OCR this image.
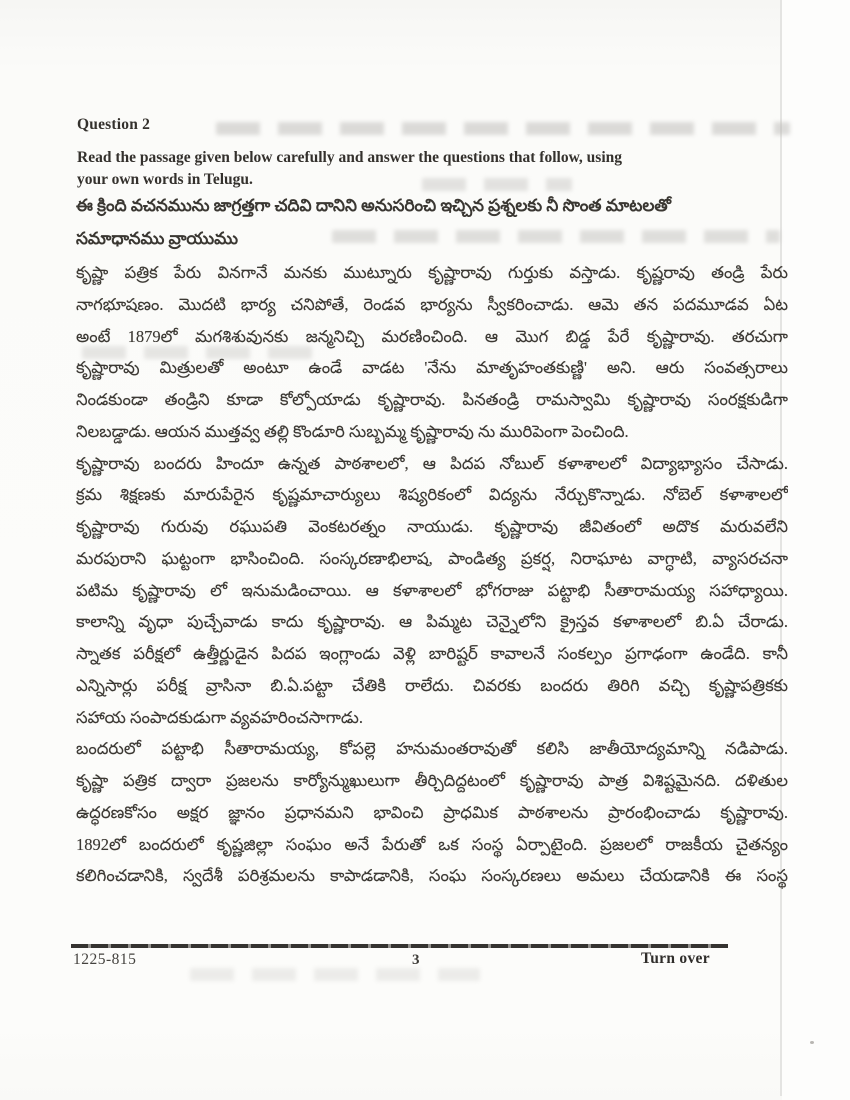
Question 2
Read the passage given below carefully and answer the questions that follow, using
your own words in Telugu.
ఈ క్రింది వచనమును జాగ్రత్తగా చదివి దానిని అనుసరించి ఇచ్చిన ప్రశ్నలకు నీ సొంత మాటలతో
సమాధానము వ్రాయుము
కృష్ణా పత్రిక పేరు వినగానే మనకు ముట్నూరు కృష్ణారావు గుర్తుకు వస్తాడు. కృష్ణరావు తండ్రి పేరు
నాగభూషణం. మొదటి భార్య చనిపోతే, రెండవ భార్యను స్వీకరించాడు. ఆమె తన పదమూడవ ఏట
అంటే 1879లో మగశిశువునకు జన్మనిచ్చి మరణించింది. ఆ మొగ బిడ్డ పేరే కృష్ణారావు. తరచుగా
కృష్ణారావు మిత్రులతో అంటూ ఉండే వాడట 'నేను మాతృహంతకుణ్ణి' అని. ఆరు సంవత్సరాలు
నిండకుండా తండ్రిని కూడా కోల్పోయాడు కృష్ణారావు. పినతండ్రి రామస్వామి కృష్ణారావు సంరక్షకుడిగా
నిలబడ్డాడు. ఆయన ముత్తవ్వ తల్లి కొండూరి సుబ్బమ్మ కృష్ణారావు ను మురిపెంగా పెంచింది.
కృష్ణారావు బందరు హిందూ ఉన్నత పాఠశాలలో, ఆ పిదప నోబుల్ కళాశాలలో విద్యాభ్యాసం చేసాడు.
క్రమ శిక్షణకు మారుపేరైన కృష్ణమాచార్యులు శిష్యరికంలో విద్యను నేర్చుకొన్నాడు. నోబెల్ కళాశాలలో
కృష్ణారావు గురువు రఘుపతి వెంకటరత్నం నాయుడు. కృష్ణారావు జీవితంలో అదొక మరువలేని
మరపురాని ఘట్టంగా భాసించింది. సంస్కరణాభిలాష, పాండిత్య ప్రకర్ష, నిరాఘాట వాగ్ధాటి, వ్యాసరచనా
పటిమ కృష్ణారావు లో ఇనుమడించాయి. ఆ కళాశాలలో భోగరాజు పట్టాభి సీతారామయ్య సహాధ్యాయి.
కాలాన్ని వృధా పుచ్చేవాడు కాదు కృష్ణారావు. ఆ పిమ్మట చెన్నైలోని క్రైస్తవ కళాశాలలో బి.ఏ చేరాడు.
స్నాతక పరీక్షలో ఉత్తీర్ణుడైన పిదప ఇంగ్లాండు వెళ్లి బారిష్టర్ కావాలనే సంకల్పం ప్రగాఢంగా ఉండేది. కానీ
ఎన్నిసార్లు పరీక్ష వ్రాసినా బి.ఏ.పట్టా చేతికి రాలేదు. చివరకు బందరు తిరిగి వచ్చి కృష్ణాపత్రికకు
సహాయ సంపాదకుడుగా వ్యవహరించసాగాడు.
బందరులో పట్టాభి సీతారామయ్య, కోపల్లె హనుమంతరావుతో కలిసి జాతీయోద్యమాన్ని నడిపాడు.
కృష్ణా పత్రిక ద్వారా ప్రజలను కార్యోన్ముఖులుగా తీర్చిదిద్దటంలో కృష్ణారావు పాత్ర విశిష్టమైనది. దళితుల
ఉద్ధరణకోసం అక్షర జ్ఞానం ప్రధానమని భావించి ప్రాధమిక పాఠశాలను ప్రారంభించాడు కృష్ణారావు.
1892లో బందరులో కృష్ణజిల్లా సంఘం అనే పేరుతో ఒక సంస్థ ఏర్పాటైంది. ప్రజలలో రాజకీయ చైతన్యం
కలిగించడానికి, స్వదేశీ పరిశ్రమలను కాపాడడానికి, సంఘ సంస్కరణలు అమలు చేయడానికి ఈ సంస్థ
1225-815	3	Turn over
